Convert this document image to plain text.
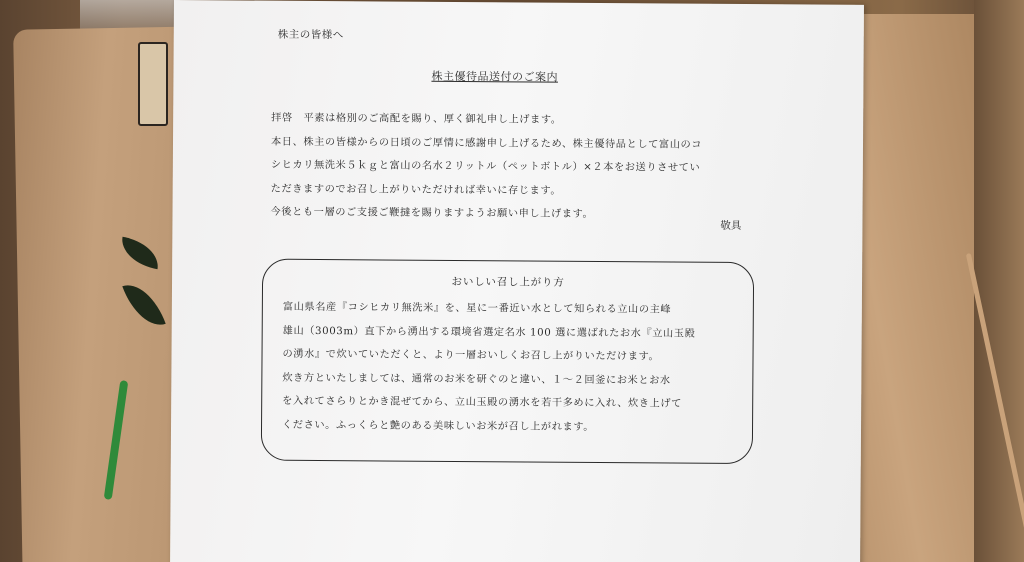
株主の皆様へ
株主優待品送付のご案内

拝啓　平素は格別のご高配を賜り、厚く御礼申し上げます。

本日、株主の皆様からの日頃のご厚情に感謝申し上げるため、株主優待品として富山のコ

シヒカリ無洗米５ｋｇと富山の名水２リットル（ペットボトル）×２本をお送りさせてい

ただきますのでお召し上がりいただければ幸いに存じます。

今後とも一層のご支援ご鞭撻を賜りますようお願い申し上げます。

敬具
おいしい召し上がり方

富山県名産『コシヒカリ無洗米』を、星に一番近い水として知られる立山の主峰

雄山（3003m）直下から湧出する環境省選定名水 100 選に選ばれたお水『立山玉殿

の湧水』で炊いていただくと、より一層おいしくお召し上がりいただけます。

炊き方といたしましては、通常のお米を研ぐのと違い、１～２回釜にお米とお水

を入れてさらりとかき混ぜてから、立山玉殿の湧水を若干多めに入れ、炊き上げて

ください。ふっくらと艶のある美味しいお米が召し上がれます。
